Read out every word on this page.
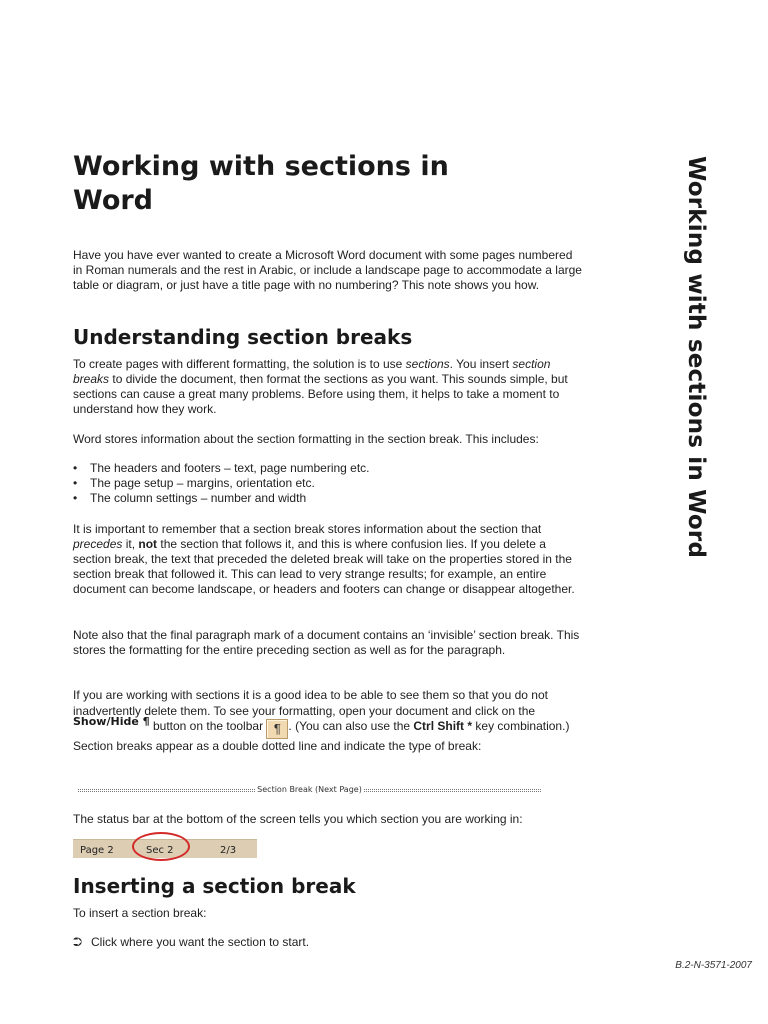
Working with sections in Word	Working with sections in Word

Have you have ever wanted to create a Microsoft Word document with some pages numbered in Roman numerals and the rest in Arabic, or include a landscape page to accommodate a large table or diagram, or just have a title page with no numbering? This note shows you how.

Understanding section breaks

To create pages with different formatting, the solution is to use sections. You insert section breaks to divide the document, then format the sections as you want. This sounds simple, but sections can cause a great many problems. Before using them, it helps to take a moment to understand how they work.

Word stores information about the section formatting in the section break. This includes:

• The headers and footers – text, page numbering etc.
• The page setup – margins, orientation etc.
• The column settings – number and width

It is important to remember that a section break stores information about the section that precedes it, not the section that follows it, and this is where confusion lies. If you delete a section break, the text that preceded the deleted break will take on the properties stored in the section break that followed it. This can lead to very strange results; for example, an entire document can become landscape, or headers and footers can change or disappear altogether.

Note also that the final paragraph mark of a document contains an ‘invisible’ section break. This stores the formatting for the entire preceding section as well as for the paragraph.

If you are working with sections it is a good idea to be able to see them so that you do not inadvertently delete them. To see your formatting, open your document and click on the Show/Hide ¶ button on the toolbar ¶ . (You can also use the Ctrl Shift * key combination.) Section breaks appear as a double dotted line and indicate the type of break:

Section Break (Next Page)

The status bar at the bottom of the screen tells you which section you are working in:

Page 2	Sec 2	2/3
Inserting a section break

To insert a section break:

⮊ Click where you want the section to start.
B.2-N-3571-2007
